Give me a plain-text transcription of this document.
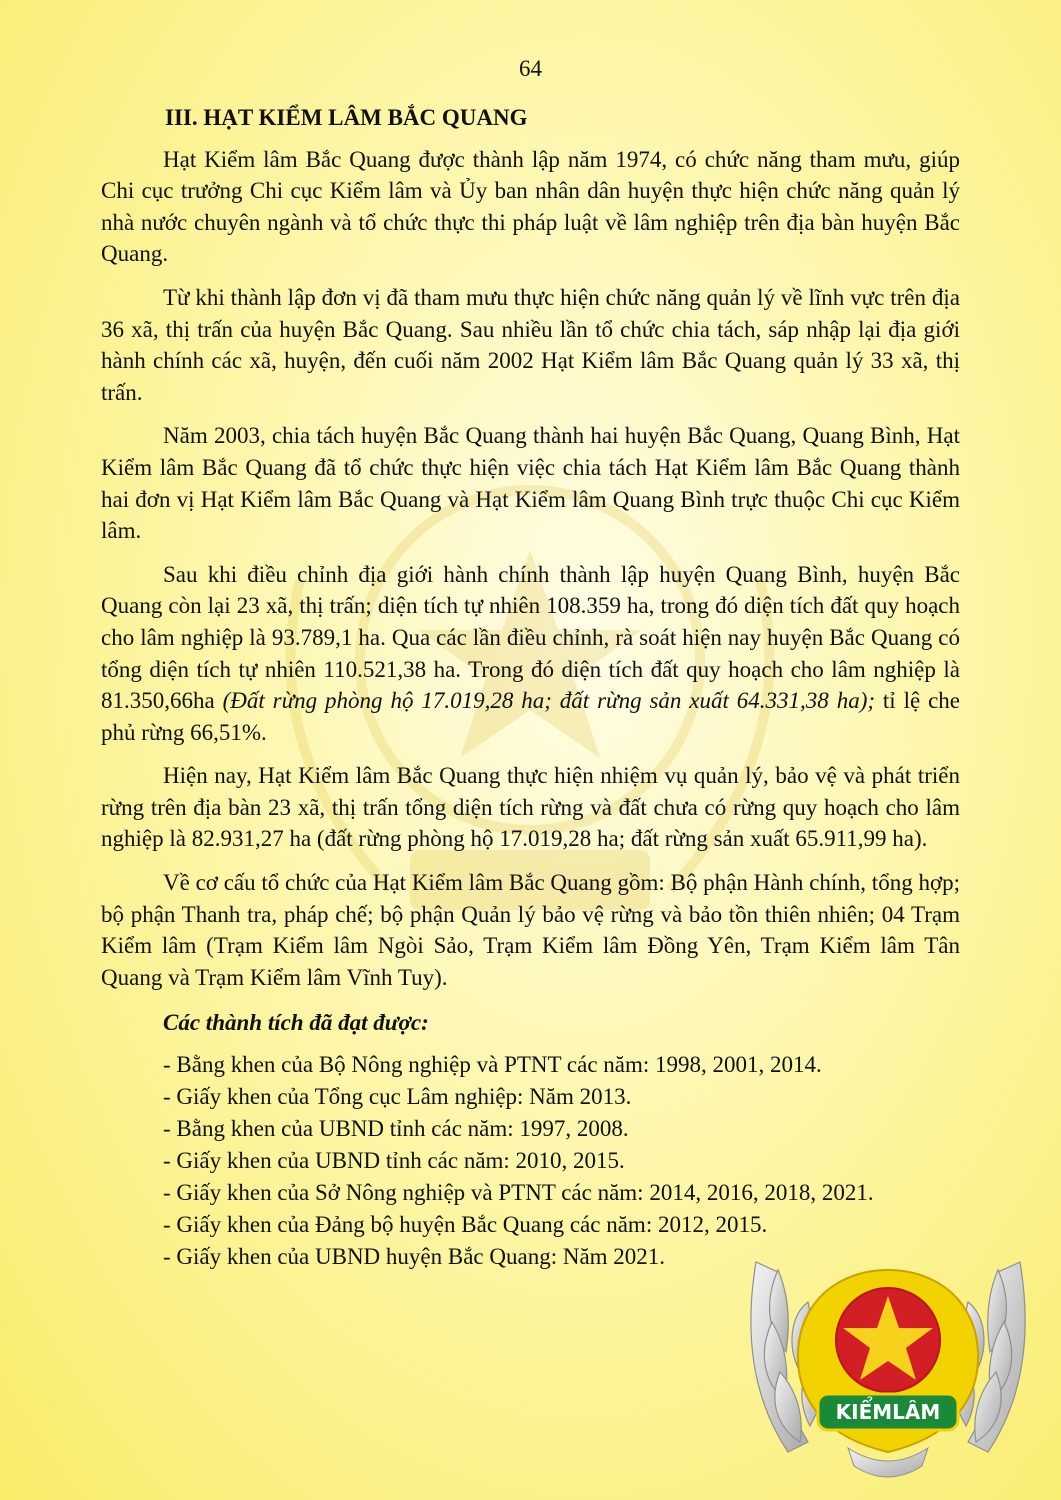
64
III. HẠT KIỂM LÂM BẮC QUANG

Hạt Kiểm lâm Bắc Quang được thành lập năm 1974, có chức năng tham mưu, giúp Chi cục trưởng Chi cục Kiểm lâm và Ủy ban nhân dân huyện thực hiện chức năng quản lý nhà nước chuyên ngành và tổ chức thực thi pháp luật về lâm nghiệp trên địa bàn huyện Bắc Quang.

Từ khi thành lập đơn vị đã tham mưu thực hiện chức năng quản lý về lĩnh vực trên địa 36 xã, thị trấn của huyện Bắc Quang. Sau nhiều lần tổ chức chia tách, sáp nhập lại địa giới hành chính các xã, huyện, đến cuối năm 2002 Hạt Kiểm lâm Bắc Quang quản lý 33 xã, thị trấn.

Năm 2003, chia tách huyện Bắc Quang thành hai huyện Bắc Quang, Quang Bình, Hạt Kiểm lâm Bắc Quang đã tổ chức thực hiện việc chia tách Hạt Kiểm lâm Bắc Quang thành hai đơn vị Hạt Kiểm lâm Bắc Quang và Hạt Kiểm lâm Quang Bình trực thuộc Chi cục Kiểm lâm.

Sau khi điều chỉnh địa giới hành chính thành lập huyện Quang Bình, huyện Bắc Quang còn lại 23 xã, thị trấn; diện tích tự nhiên 108.359 ha, trong đó diện tích đất quy hoạch cho lâm nghiệp là 93.789,1 ha. Qua các lần điều chỉnh, rà soát hiện nay huyện Bắc Quang có tổng diện tích tự nhiên 110.521,38 ha. Trong đó diện tích đất quy hoạch cho lâm nghiệp là 81.350,66ha (Đất rừng phòng hộ 17.019,28 ha; đất rừng sản xuất 64.331,38 ha); tỉ lệ che phủ rừng 66,51%.

Hiện nay, Hạt Kiểm lâm Bắc Quang thực hiện nhiệm vụ quản lý, bảo vệ và phát triển rừng trên địa bàn 23 xã, thị trấn tổng diện tích rừng và đất chưa có rừng quy hoạch cho lâm nghiệp là 82.931,27 ha (đất rừng phòng hộ 17.019,28 ha; đất rừng sản xuất 65.911,99 ha).

Về cơ cấu tổ chức của Hạt Kiểm lâm Bắc Quang gồm: Bộ phận Hành chính, tổng hợp; bộ phận Thanh tra, pháp chế; bộ phận Quản lý bảo vệ rừng và bảo tồn thiên nhiên; 04 Trạm Kiểm lâm (Trạm Kiểm lâm Ngòi Sảo, Trạm Kiểm lâm Đồng Yên, Trạm Kiểm lâm Tân Quang và Trạm Kiểm lâm Vĩnh Tuy).

Các thành tích đã đạt được:
- Bằng khen của Bộ Nông nghiệp và PTNT các năm: 1998, 2001, 2014.
- Giấy khen của Tổng cục Lâm nghiệp: Năm 2013.
- Bằng khen của UBND tỉnh các năm: 1997, 2008.
- Giấy khen của UBND tỉnh các năm: 2010, 2015.
- Giấy khen của Sở Nông nghiệp và PTNT các năm: 2014, 2016, 2018, 2021.
- Giấy khen của Đảng bộ huyện Bắc Quang các năm: 2012, 2015.
- Giấy khen của UBND huyện Bắc Quang: Năm 2021.
KIỂMLÂM
